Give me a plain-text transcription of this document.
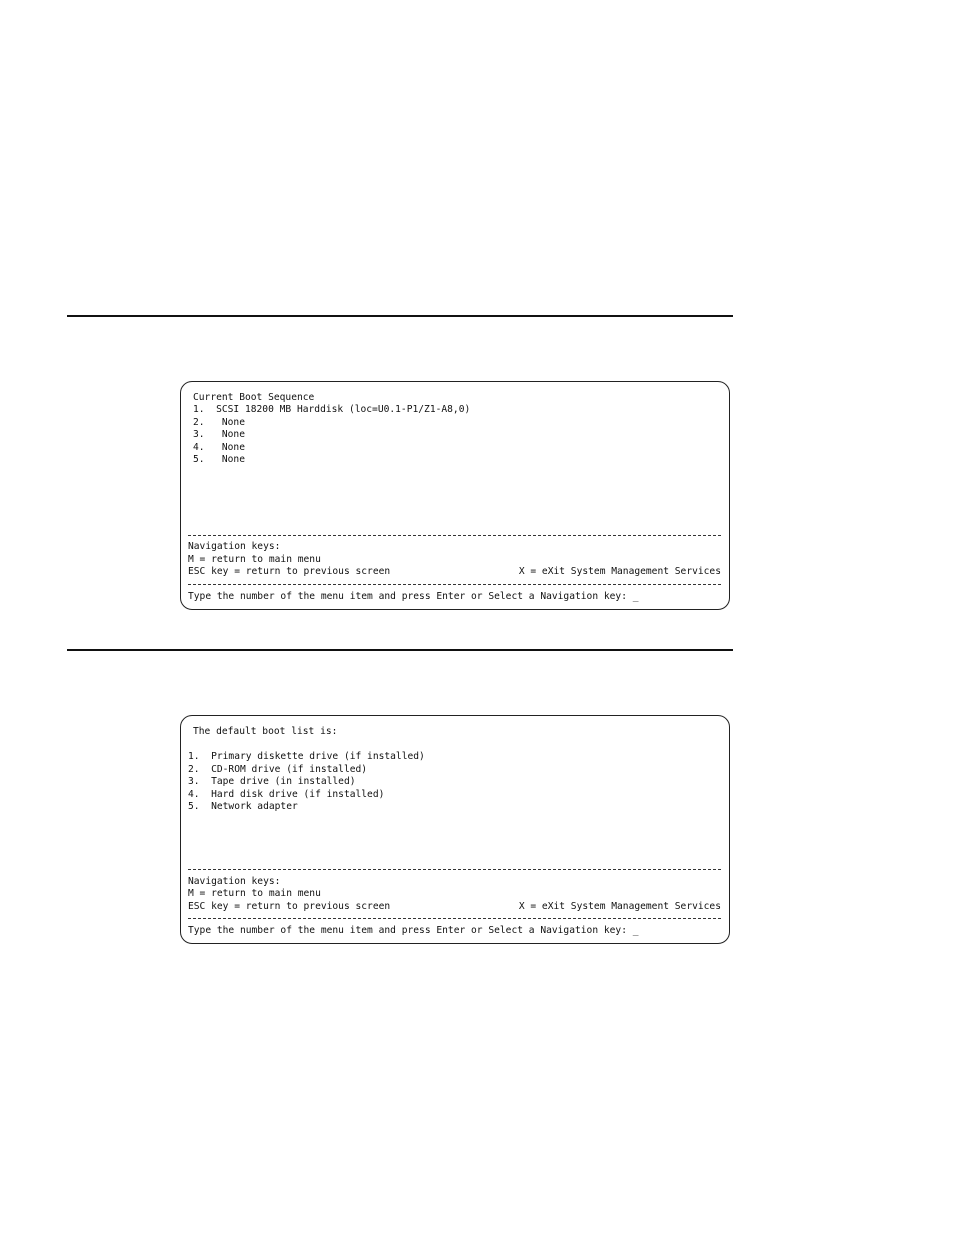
Current Boot Sequence
1.  SCSI 18200 MB Harddisk (loc=U0.1-P1/Z1-A8,0)
2.   None
3.   None
4.   None
5.   None
Navigation keys:
M = return to main menu
ESC key = return to previous screen	X = eXit System Management Services
Type the number of the menu item and press Enter or Select a Navigation key: _
The default boot list is:
1.  Primary diskette drive (if installed)
2.  CD-ROM drive (if installed)
3.  Tape drive (in installed)
4.  Hard disk drive (if installed)
5.  Network adapter
Navigation keys:
M = return to main menu
ESC key = return to previous screen	X = eXit System Management Services
Type the number of the menu item and press Enter or Select a Navigation key: _
